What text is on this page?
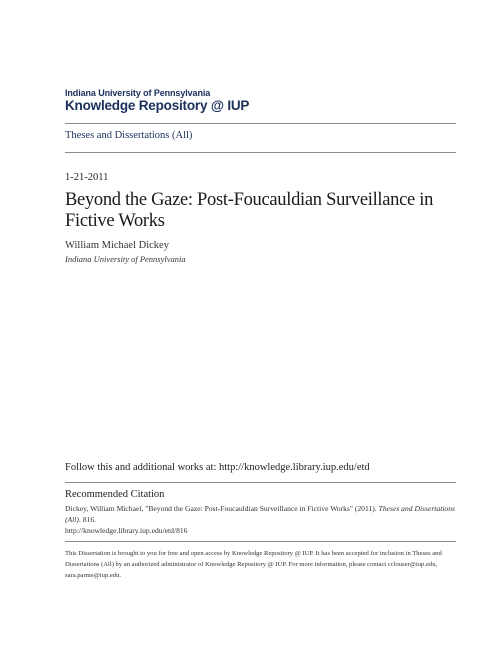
Indiana University of Pennsylvania
Knowledge Repository @ IUP
Theses and Dissertations (All)
1-21-2011
Beyond the Gaze: Post-Foucauldian Surveillance in Fictive Works
William Michael Dickey
Indiana University of Pennsylvania
Follow this and additional works at: http://knowledge.library.iup.edu/etd
Recommended Citation
Dickey, William Michael, "Beyond the Gaze: Post-Foucauldian Surveillance in Fictive Works" (2011). Theses and Dissertations (All). 816.
http://knowledge.library.iup.edu/etd/816
This Dissertation is brought to you for free and open access by Knowledge Repository @ IUP. It has been accepted for inclusion in Theses and Dissertations (All) by an authorized administrator of Knowledge Repository @ IUP. For more information, please contact cclouser@iup.edu, sara.parme@iup.edu.
